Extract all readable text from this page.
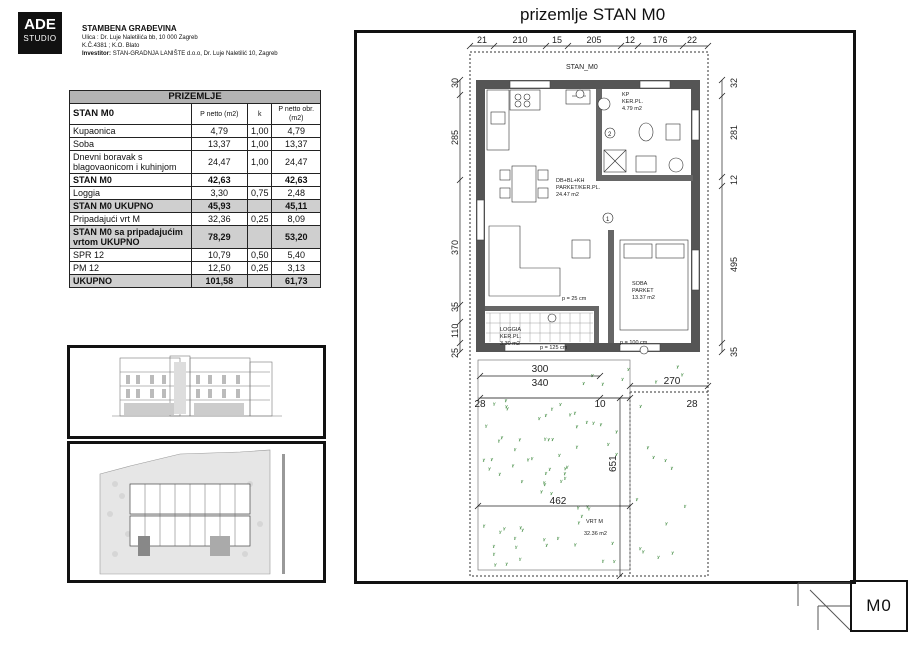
ADE
STUDIO
STAMBENA GRAĐEVINA
Ulica : Dr. Luje Naletilića bb, 10 000 Zagreb
K.Č.4381 ; K.O. Blato
Investitor: STAN-GRADNJA LANIŠTE d.o.o, Dr. Luje Naletilić 10, Zagreb
PRIZEMLJE			
STAN M0	P netto (m2)	k	P netto obr. (m2)
Kupaonica	4,79	1,00	4,79
Soba	13,37	1,00	13,37
Dnevni boravak s blagovaonicom i kuhinjom	24,47	1,00	24,47
STAN M0	42,63		42,63
Loggia	3,30	0,75	2,48
STAN M0 UKUPNO	45,93		45,11
Pripadajući vrt M	32,36	0,25	8,09
STAN M0 sa pripadajućim vrtom UKUPNO	78,29		53,20
SPR 12	10,79	0,50	5,40
PM 12	12,50	0,25	3,13
UKUPNO	101,58		61,73
prizemlje STAN M0
KP
KER.PL.
4.79 m2
DB+BL+KH
PARKET/KER.PL.
24.47 m2
SOBA
PARKET
13.37 m2
LOGGIA
KER.PL.
3.30 m2
VRT M
32.36 m2
p = 25 cm
p = 125 cm
p = 100 cm
STAN_M0
2
1
21	210	15	205	12 176 22
30
285
370
35
110
25
32
281
12
495
35
300
340	270
28	10	28
462
651
M0
